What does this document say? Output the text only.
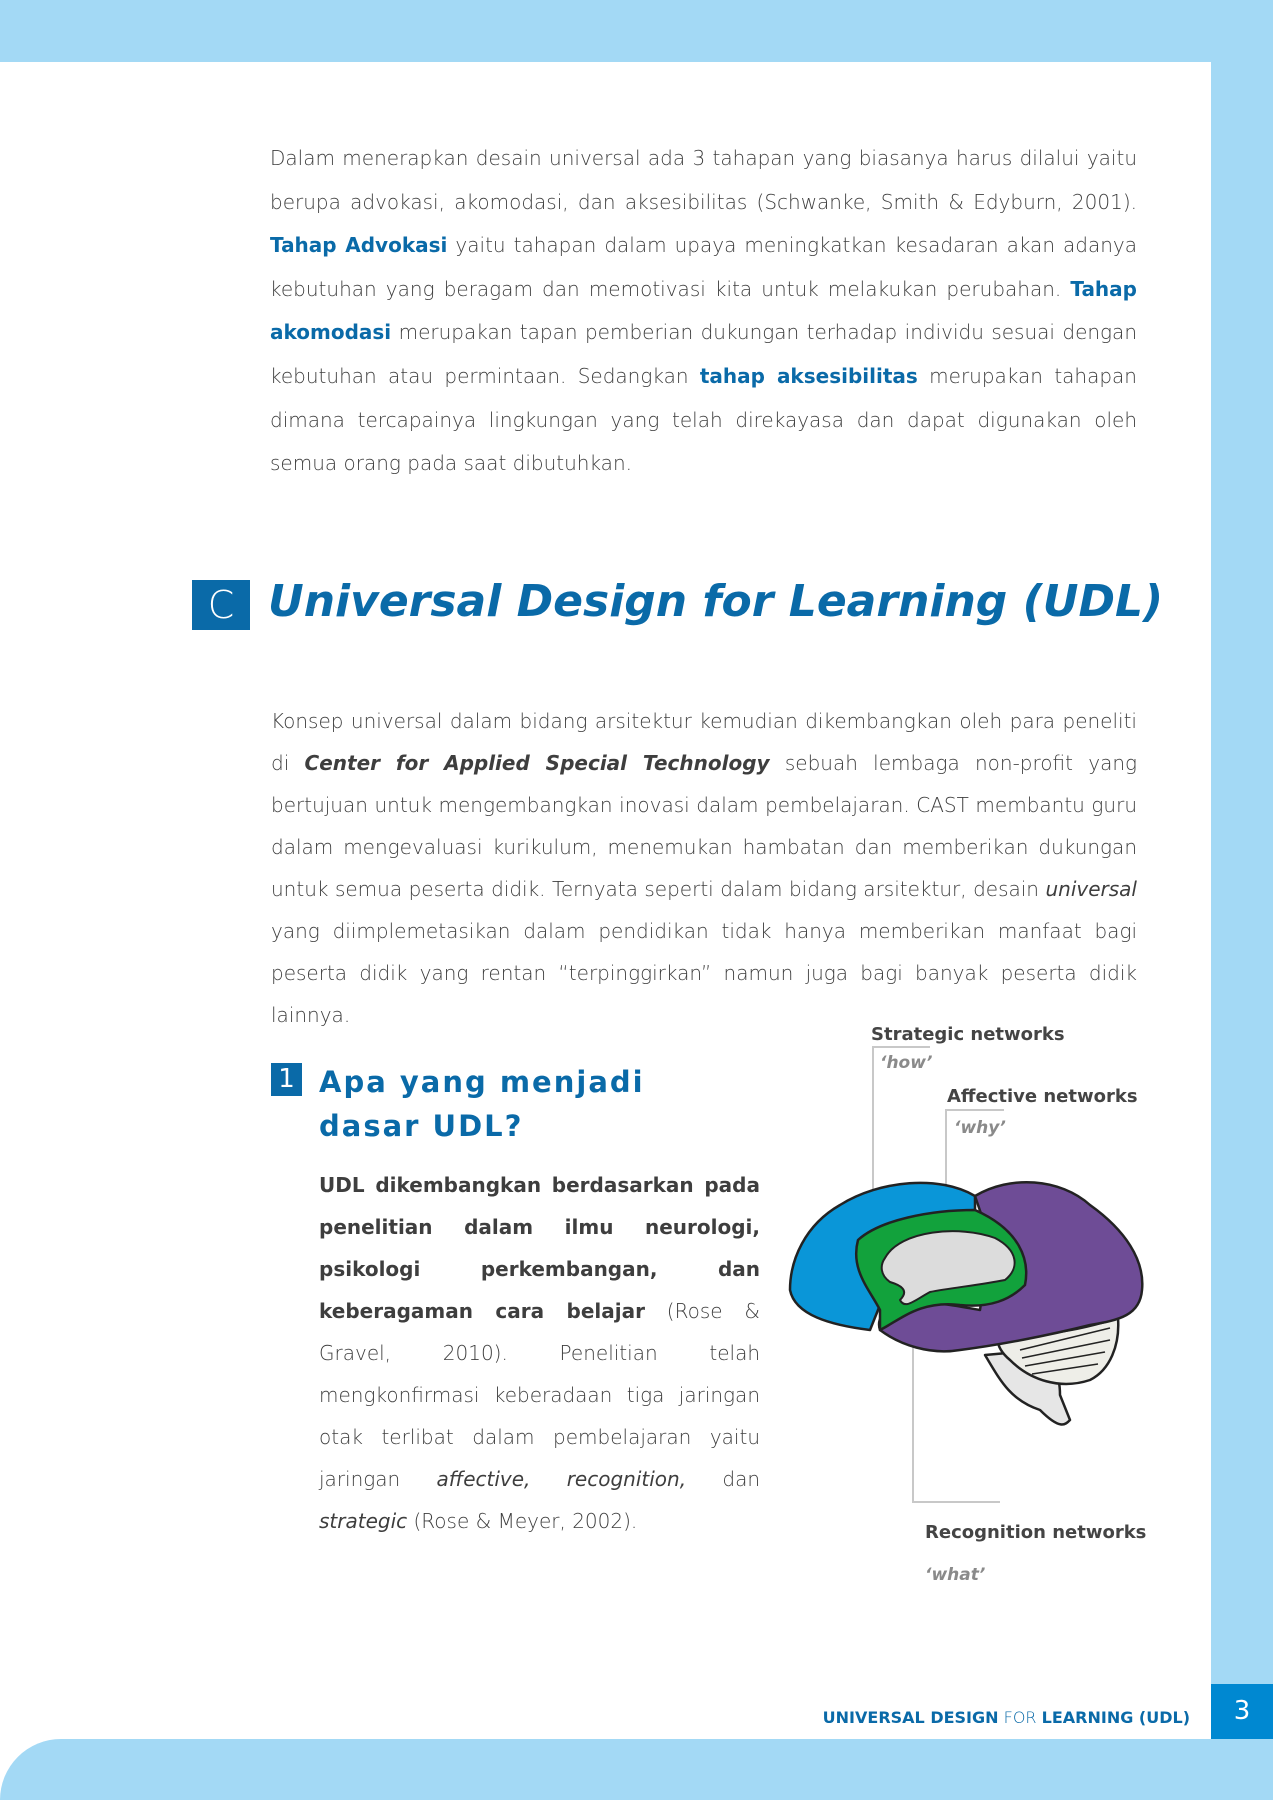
Dalam menerapkan desain universal ada 3 tahapan yang biasanya harus dilalui yaitu berupa advokasi, akomodasi, dan aksesibilitas (Schwanke, Smith & Edyburn, 2001). Tahap Advokasi yaitu tahapan dalam upaya meningkatkan kesadaran akan adanya kebutuhan yang beragam dan memotivasi kita untuk melakukan perubahan. Tahap akomodasi merupakan tapan pemberian dukungan terhadap individu sesuai dengan kebutuhan atau permintaan. Sedangkan tahap aksesibilitas merupakan tahapan dimana tercapainya lingkungan yang telah direkayasa dan dapat digunakan oleh semua orang pada saat dibutuhkan.
C Universal Design for Learning (UDL)
Konsep universal dalam bidang arsitektur kemudian dikembangkan oleh para peneliti di Center for Applied Special Technology sebuah lembaga non-profit yang bertujuan untuk mengembangkan inovasi dalam pembelajaran. CAST membantu guru dalam mengevaluasi kurikulum, menemukan hambatan dan memberikan dukungan untuk semua peserta didik. Ternyata seperti dalam bidang arsitektur, desain universal yang diimplemetasikan dalam pendidikan tidak hanya memberikan manfaat bagi peserta didik yang rentan “terpinggirkan” namun juga bagi banyak peserta didik lainnya.
1 Apa yang menjadi dasar UDL?
UDL dikembangkan berdasarkan pada penelitian dalam ilmu neurologi, psikologi perkembangan, dan keberagaman cara belajar (Rose & Gravel, 2010). Penelitian telah mengkonfirmasi keberadaan tiga jaringan otak terlibat dalam pembelajaran yaitu jaringan affective, recognition, dan strategic (Rose & Meyer, 2002).
Strategic networks
‘how’
Affective networks
‘why’
Recognition networks
‘what’
UNIVERSAL DESIGN FOR LEARNING (UDL)	3
